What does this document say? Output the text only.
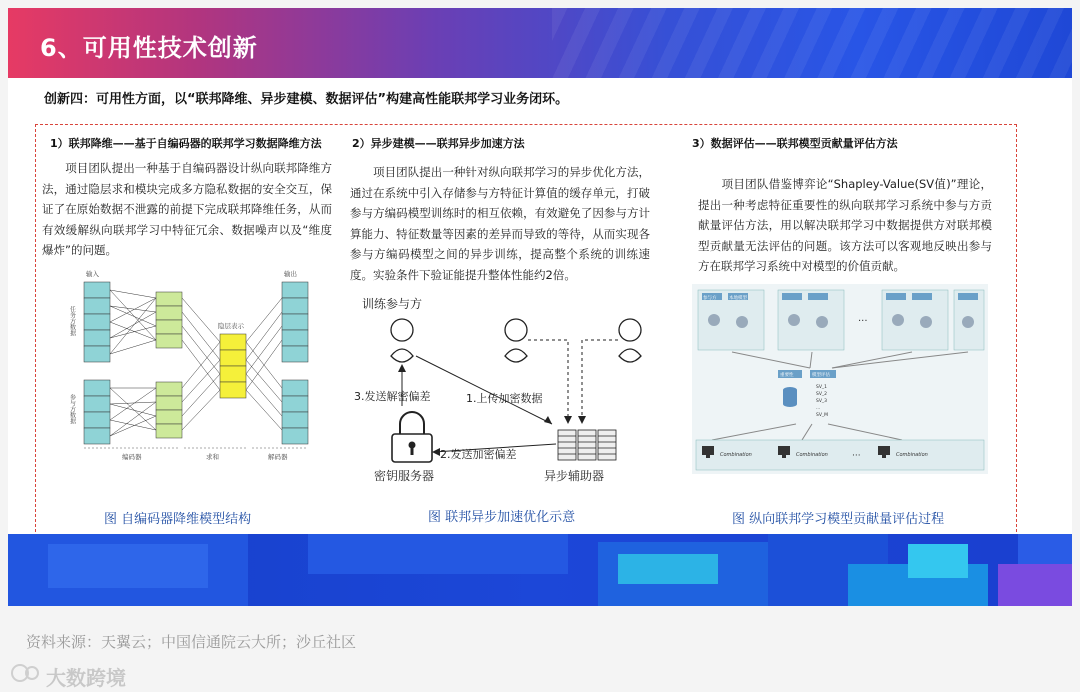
6、可用性技术创新
创新四：可用性方面，以“联邦降维、异步建模、数据评估”构建高性能联邦学习业务闭环。
1）联邦降维——基于自编码器的联邦学习数据降维方法
　　项目团队提出一种基于自编码器设计纵向联邦降维方法，通过隐层求和模块完成多方隐私数据的安全交互，保证了在原始数据不泄露的前提下完成联邦降维任务，从而有效缓解纵向联邦学习中特征冗余、数据噪声以及“维度爆炸”的问题。
2）异步建模——联邦异步加速方法
　　项目团队提出一种针对纵向联邦学习的异步优化方法，通过在系统中引入存储参与方特征计算值的缓存单元，打破参与方编码模型训练时的相互依赖，有效避免了因参与方计算能力、特征数量等因素的差异而导致的等待，从而实现各参与方编码模型之间的异步训练，提高整个系统的训练速度。实验条件下验证能提升整体性能约2倍。
3）数据评估——联邦模型贡献量评估方法
　　项目团队借鉴博弈论“Shapley-Value(SV值)”理论，提出一种考虑特征重要性的纵向联邦学习系统中参与方贡献量评估方法，用以解决联邦学习中数据提供方对联邦模型贡献量无法评估的问题。该方法可以客观地反映出参与方在联邦学习系统中对模型的价值贡献。
输入	输出
隐层表示
任务方数据
参与方数据
编码器	求和	解码器
训练参与方
1.上传加密数据
2.发送加密偏差
3.发送解密偏差
密钥服务器	异步辅助器
参与方	本地模型
···
重要性	模型评估
SV_1
SV_2
SV_3
...
SV_M
Combination	Combination	Combination
···
图 自编码器降维模型结构	图 联邦异步加速优化示意	图 纵向联邦学习模型贡献量评估过程
资料来源：天翼云；中国信通院云大所；沙丘社区
大数跨境
